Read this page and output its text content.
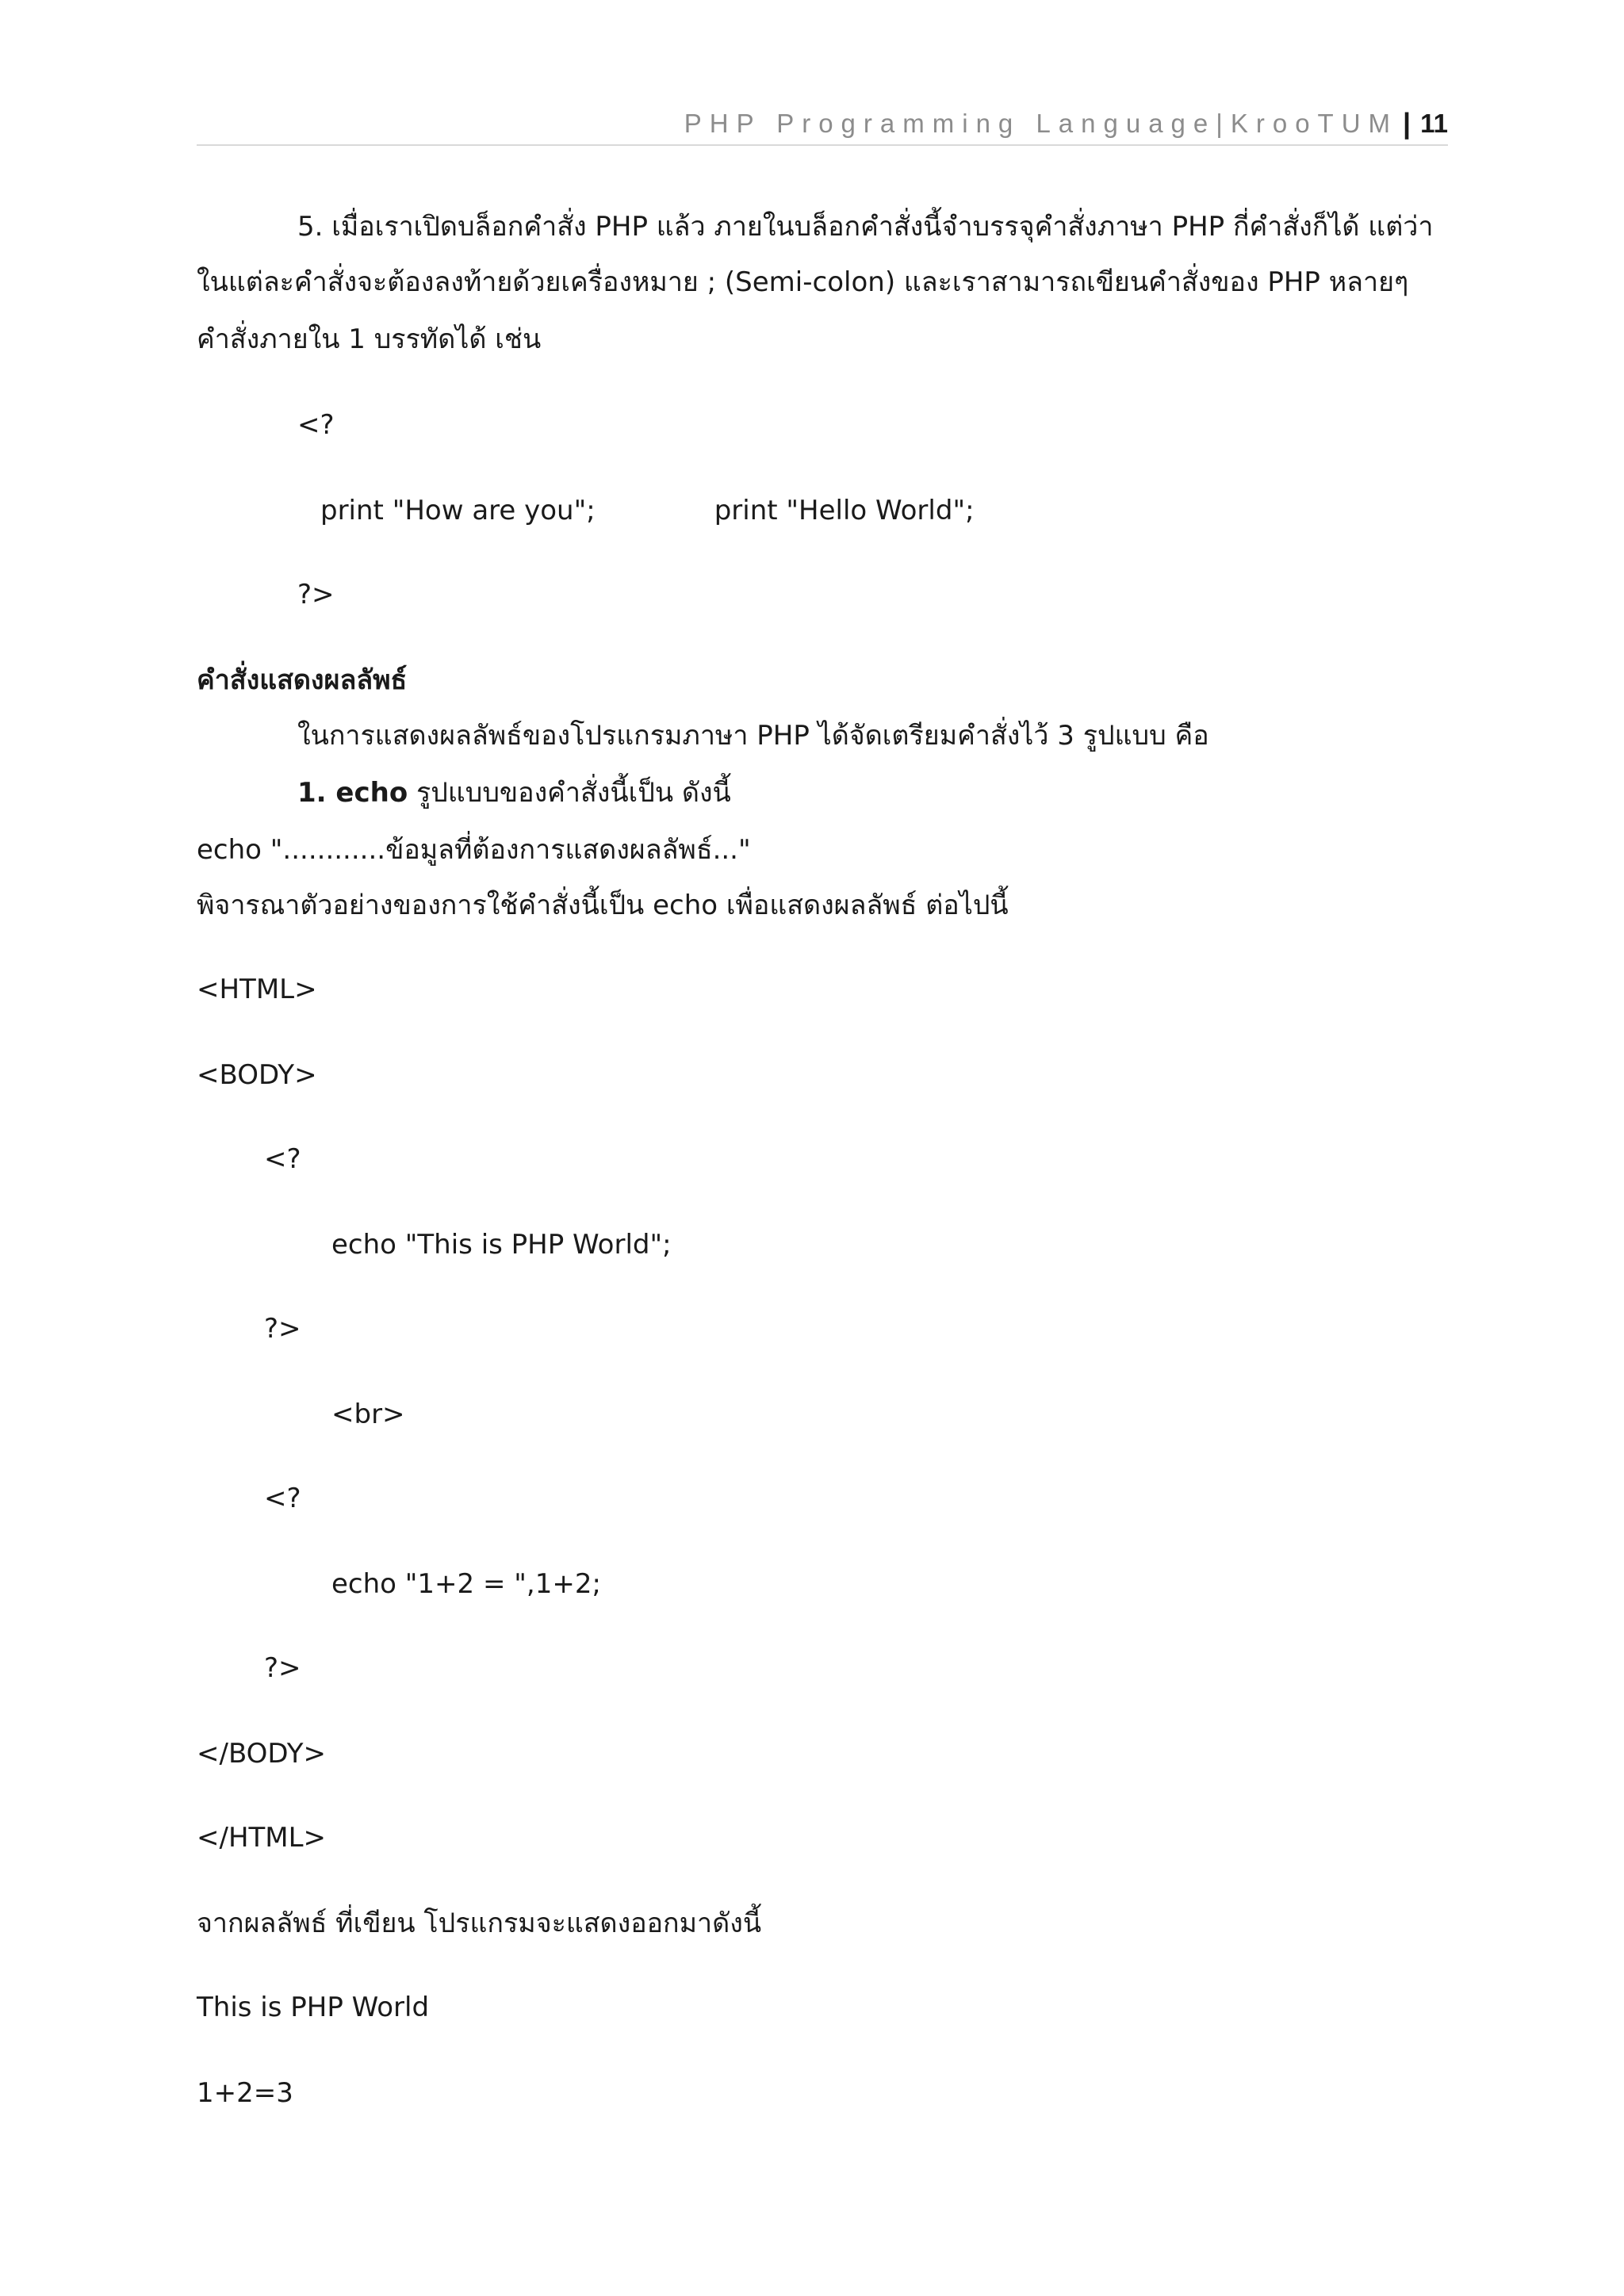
PHP Programming Language|KrooTUM | 11
5. เมื่อเราเปิดบล็อกคำสั่ง PHP แล้ว ภายในบล็อกคำสั่งนี้จำบรรจุคำสั่งภาษา PHP กี่คำสั่งก็ได้ แต่ว่า
ในแต่ละคำสั่งจะต้องลงท้ายด้วยเครื่องหมาย ; (Semi-colon) และเราสามารถเขียนคำสั่งของ PHP หลายๆ
คำสั่งภายใน 1 บรรทัดได้ เช่น
<?
print "How are you";	print "Hello World";
?>
คำสั่งแสดงผลลัพธ์
ในการแสดงผลลัพธ์ของโปรแกรมภาษา PHP ได้จัดเตรียมคำสั่งไว้ 3 รูปแบบ คือ
1. echo รูปแบบของคำสั่งนี้เป็น ดังนี้
echo "............ข้อมูลที่ต้องการแสดงผลลัพธ์..."
พิจารณาตัวอย่างของการใช้คำสั่งนี้เป็น echo เพื่อแสดงผลลัพธ์ ต่อไปนี้
<HTML>
<BODY>
<?
echo "This is PHP World";
?>
<br>
<?
echo "1+2 = ",1+2;
?>
</BODY>
</HTML>
จากผลลัพธ์ ที่เขียน โปรแกรมจะแสดงออกมาดังนี้
This is PHP World
1+2=3
